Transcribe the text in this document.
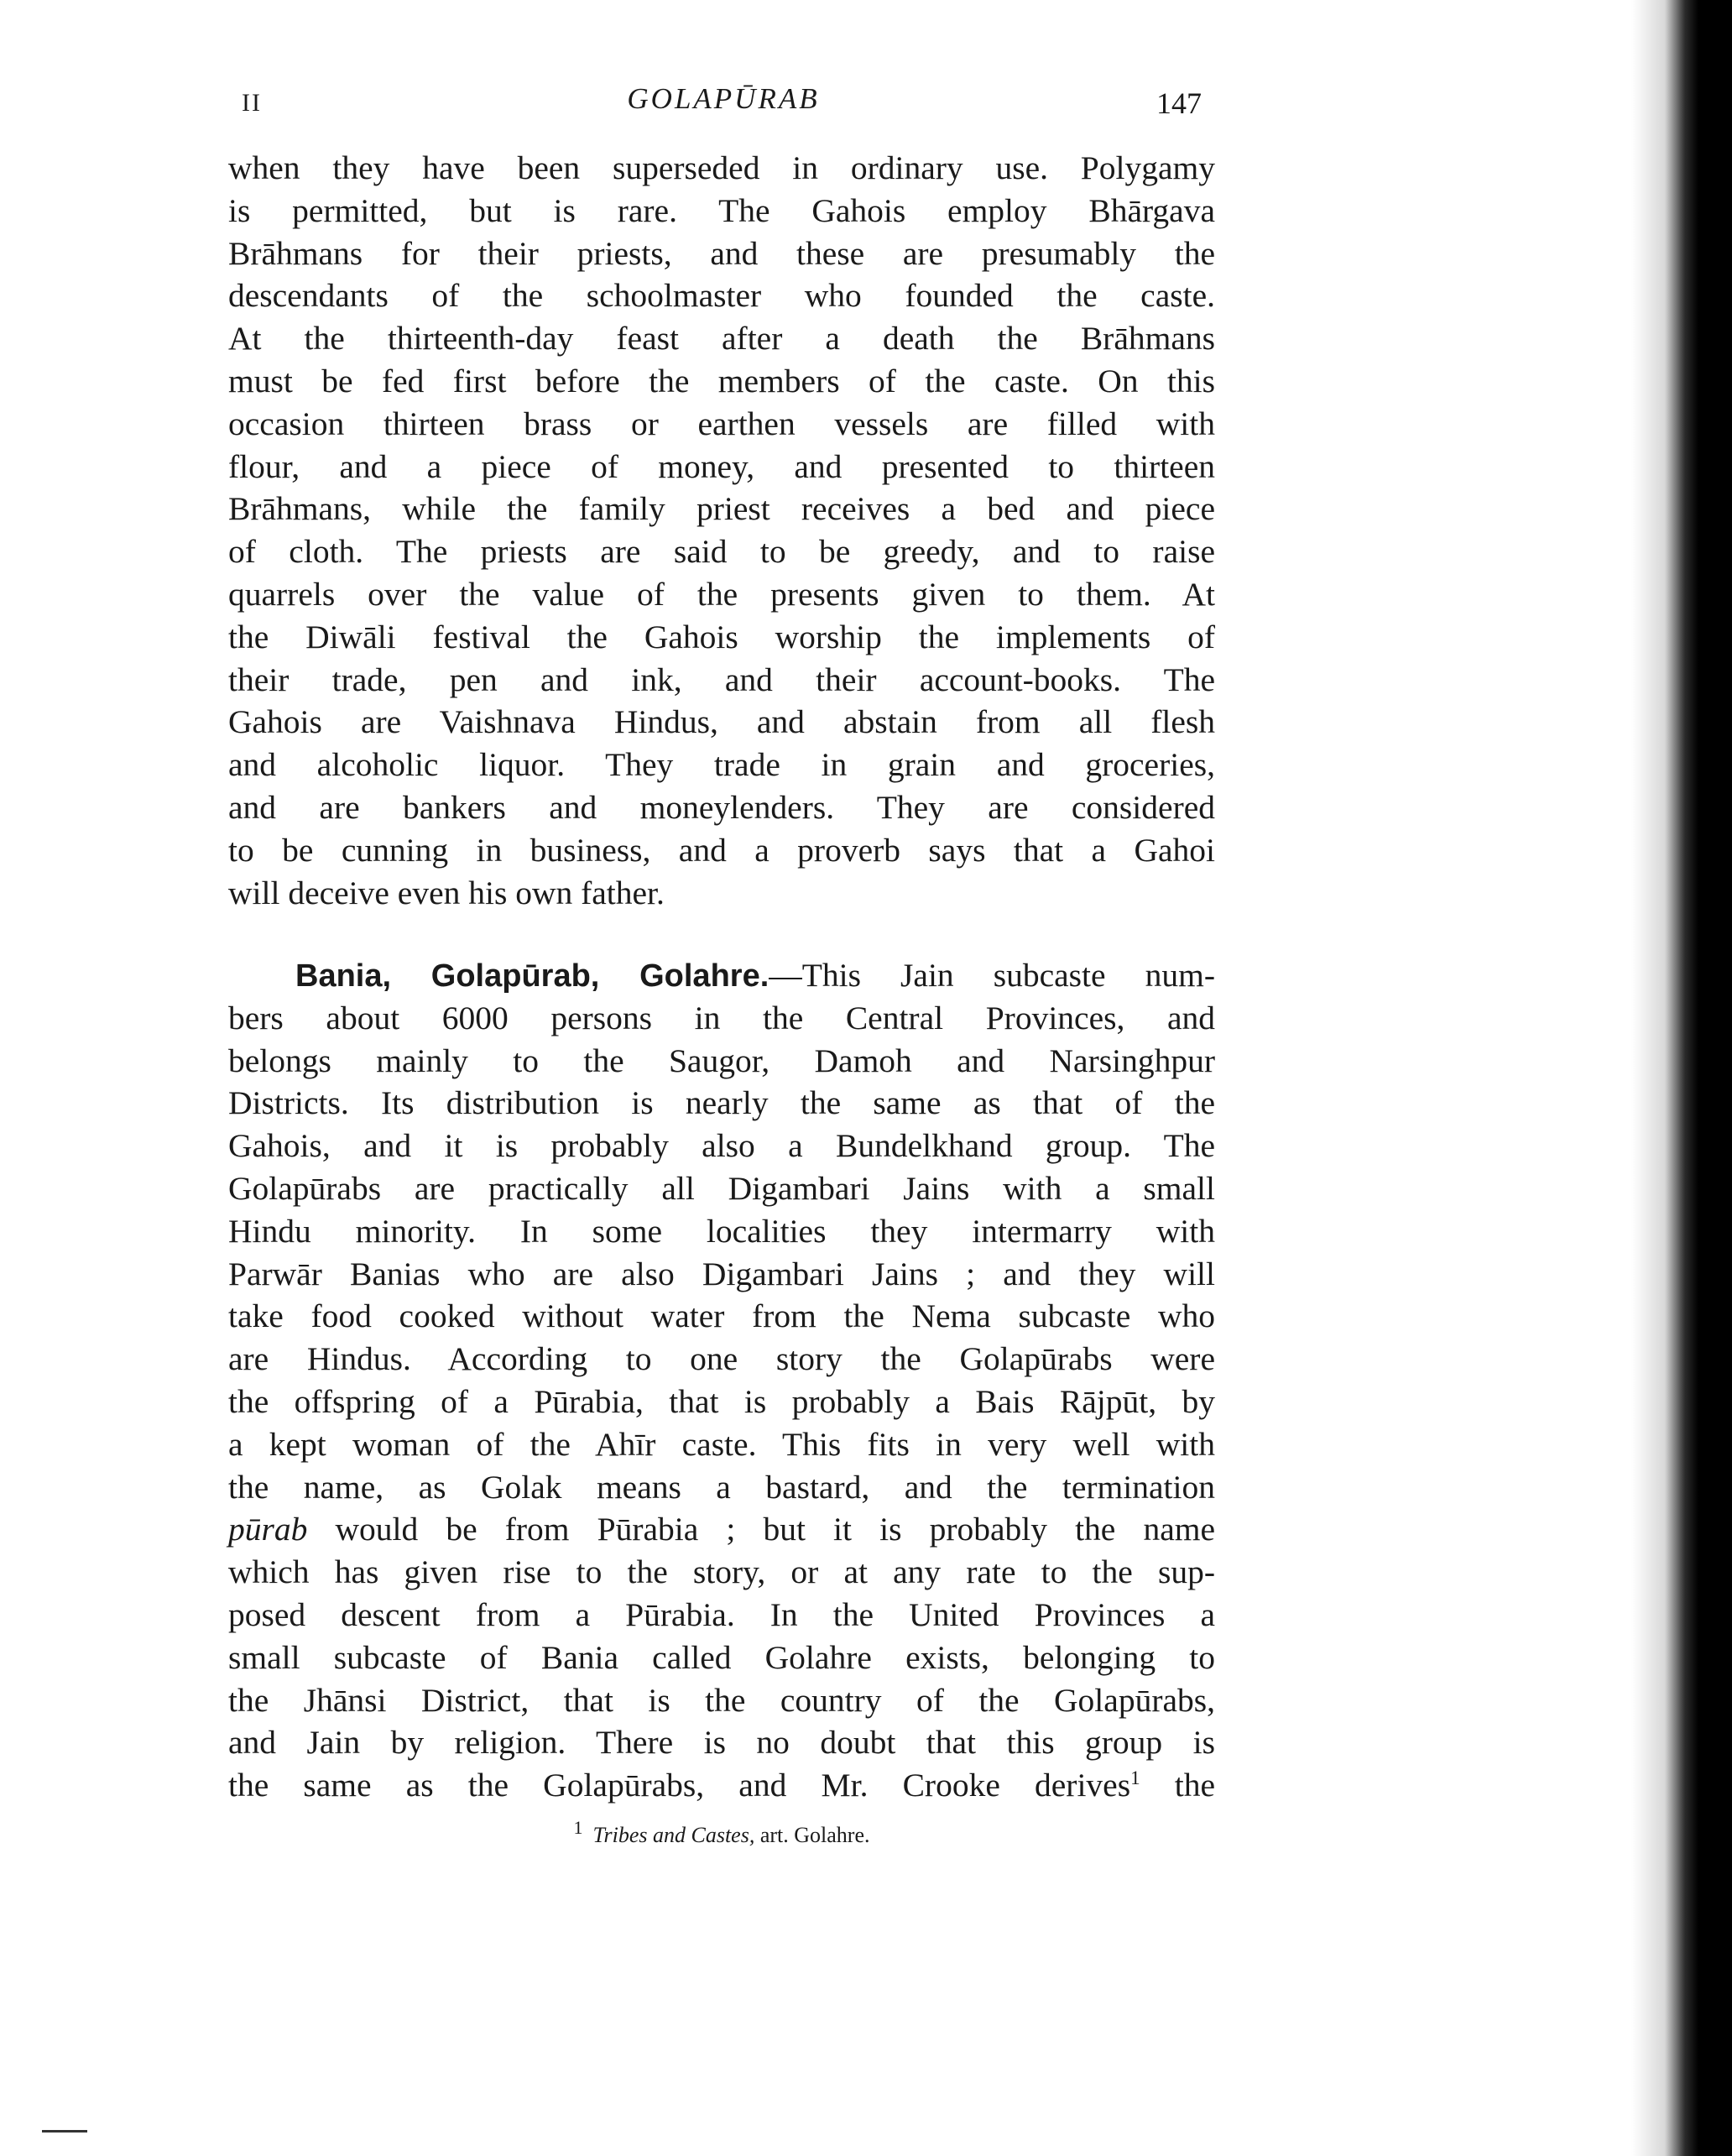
II	GOLAPŪRAB	147
when they have been superseded in ordinary use. Polygamy
is permitted, but is rare. The Gahois employ Bhārgava
Brāhmans for their priests, and these are presumably the
descendants of the schoolmaster who founded the caste.
At the thirteenth-day feast after a death the Brāhmans
must be fed first before the members of the caste. On this
occasion thirteen brass or earthen vessels are filled with
flour, and a piece of money, and presented to thirteen
Brāhmans, while the family priest receives a bed and piece
of cloth. The priests are said to be greedy, and to raise
quarrels over the value of the presents given to them. At
the Diwāli festival the Gahois worship the implements of
their trade, pen and ink, and their account-books. The
Gahois are Vaishnava Hindus, and abstain from all flesh
and alcoholic liquor. They trade in grain and groceries,
and are bankers and moneylenders. They are considered
to be cunning in business, and a proverb says that a Gahoi
will deceive even his own father.
Bania, Golapūrab, Golahre.—This Jain subcaste num-
bers about 6000 persons in the Central Provinces, and
belongs mainly to the Saugor, Damoh and Narsinghpur
Districts. Its distribution is nearly the same as that of the
Gahois, and it is probably also a Bundelkhand group. The
Golapūrabs are practically all Digambari Jains with a small
Hindu minority. In some localities they intermarry with
Parwār Banias who are also Digambari Jains ; and they will
take food cooked without water from the Nema subcaste who
are Hindus. According to one story the Golapūrabs were
the offspring of a Pūrabia, that is probably a Bais Rājpūt, by
a kept woman of the Ahīr caste. This fits in very well with
the name, as Golak means a bastard, and the termination
pūrab would be from Pūrabia ; but it is probably the name
which has given rise to the story, or at any rate to the sup-
posed descent from a Pūrabia. In the United Provinces a
small subcaste of Bania called Golahre exists, belonging to
the Jhānsi District, that is the country of the Golapūrabs,
and Jain by religion. There is no doubt that this group is
the same as the Golapūrabs, and Mr. Crooke derives$^1$ the
$^1$ Tribes and Castes, art. Golahre.
